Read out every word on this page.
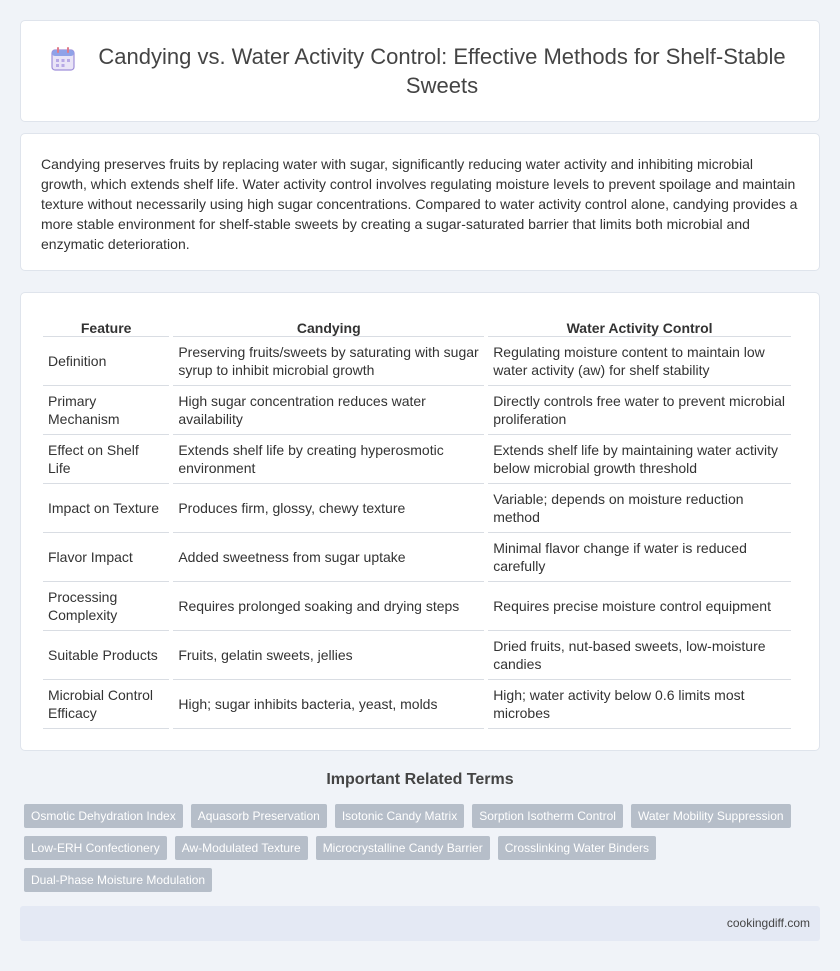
Candying vs. Water Activity Control: Effective Methods for Shelf-Stable Sweets

Candying preserves fruits by replacing water with sugar, significantly reducing water activity and inhibiting microbial growth, which extends shelf life. Water activity control involves regulating moisture levels to prevent spoilage and maintain texture without necessarily using high sugar concentrations. Compared to water activity control alone, candying provides a more stable environment for shelf-stable sweets by creating a sugar-saturated barrier that limits both microbial and enzymatic deterioration.

Feature	Candying	Water Activity Control
Definition	Preserving fruits/sweets by saturating with sugar syrup to inhibit microbial growth	Regulating moisture content to maintain low water activity (aw) for shelf stability
Primary Mechanism	High sugar concentration reduces water availability	Directly controls free water to prevent microbial proliferation
Effect on Shelf Life	Extends shelf life by creating hyperosmotic environment	Extends shelf life by maintaining water activity below microbial growth threshold
Impact on Texture	Produces firm, glossy, chewy texture	Variable; depends on moisture reduction method
Flavor Impact	Added sweetness from sugar uptake	Minimal flavor change if water is reduced carefully
Processing Complexity	Requires prolonged soaking and drying steps	Requires precise moisture control equipment
Suitable Products	Fruits, gelatin sweets, jellies	Dried fruits, nut-based sweets, low-moisture candies
Microbial Control Efficacy	High; sugar inhibits bacteria, yeast, molds	High; water activity below 0.6 limits most microbes
Important Related Terms
Osmotic Dehydration Index	Aquasorb Preservation	Isotonic Candy Matrix	Sorption Isotherm Control	Water Mobility Suppression
Low-ERH Confectionery	Aw-Modulated Texture	Microcrystalline Candy Barrier	Crosslinking Water Binders
Dual-Phase Moisture Modulation
cookingdiff.com
